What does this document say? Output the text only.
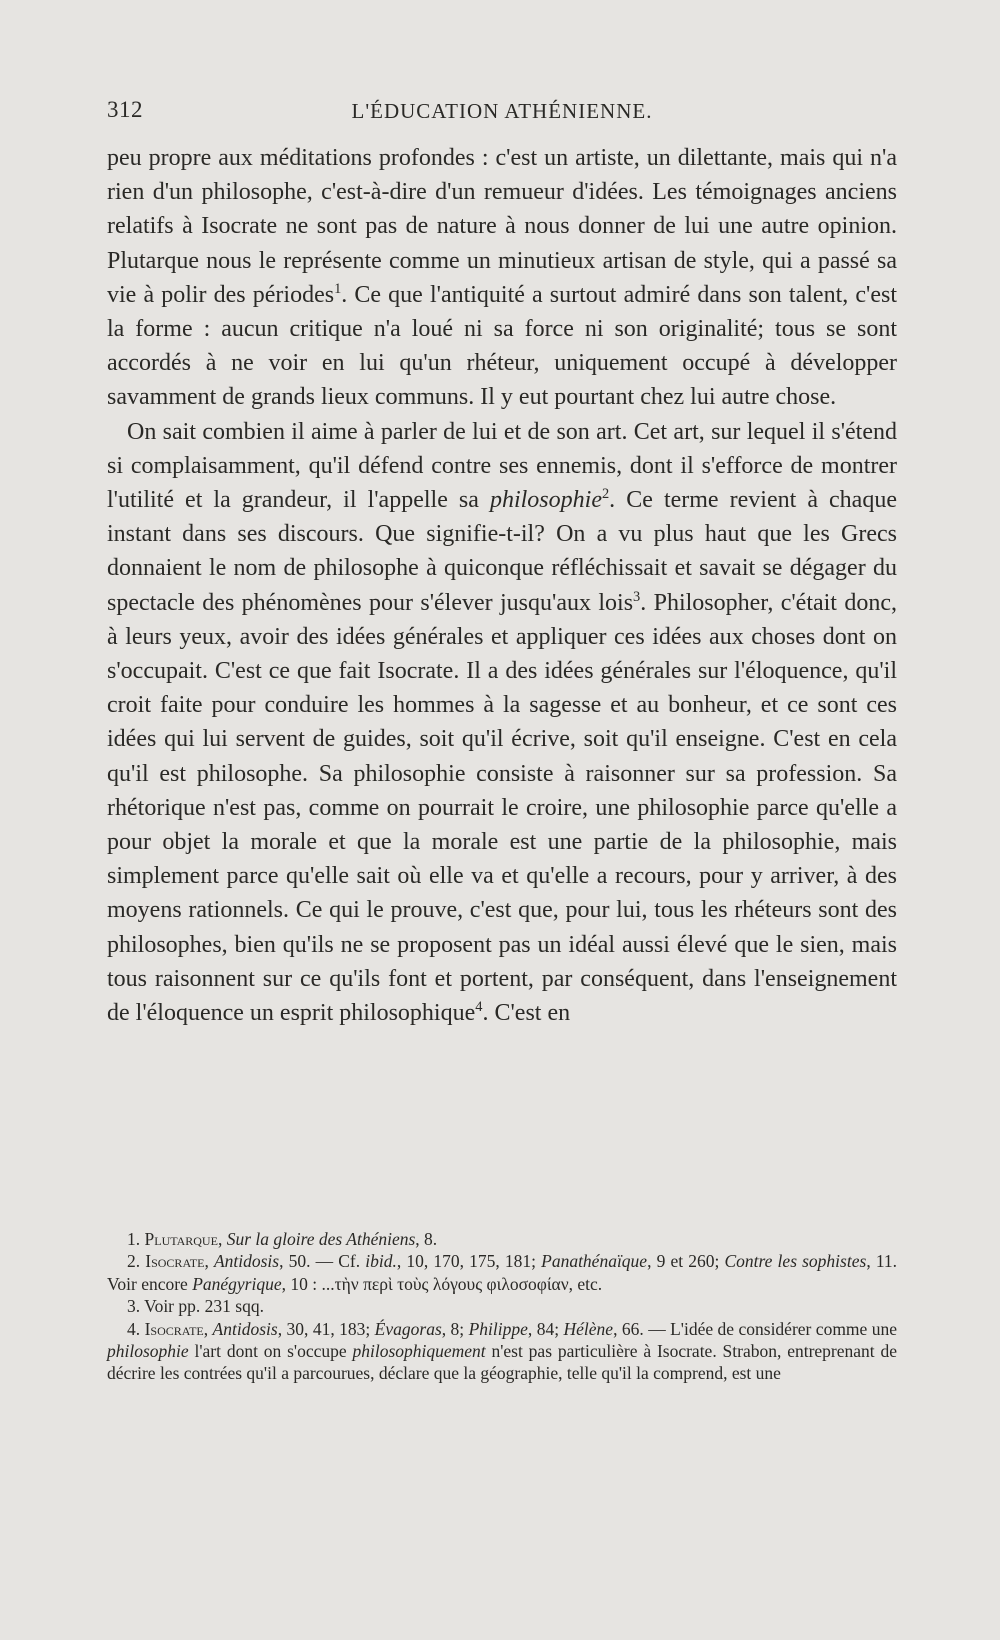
312	L'ÉDUCATION ATHÉNIENNE.

peu propre aux méditations profondes : c'est un artiste, un dilettante, mais qui n'a rien d'un philosophe, c'est-à-dire d'un remueur d'idées. Les témoignages anciens relatifs à Isocrate ne sont pas de nature à nous donner de lui une autre opinion. Plutarque nous le représente comme un minutieux artisan de style, qui a passé sa vie à polir des périodes$^1$. Ce que l'antiquité a surtout admiré dans son talent, c'est la forme : aucun critique n'a loué ni sa force ni son originalité; tous se sont accordés à ne voir en lui qu'un rhéteur, uniquement occupé à développer savamment de grands lieux communs. Il y eut pourtant chez lui autre chose.

On sait combien il aime à parler de lui et de son art. Cet art, sur lequel il s'étend si complaisamment, qu'il défend contre ses ennemis, dont il s'efforce de montrer l'utilité et la grandeur, il l'appelle sa philosophie$^2$. Ce terme revient à chaque instant dans ses discours. Que signifie-t-il? On a vu plus haut que les Grecs donnaient le nom de philosophe à quiconque réfléchissait et savait se dégager du spectacle des phénomènes pour s'élever jusqu'aux lois$^3$. Philosopher, c'était donc, à leurs yeux, avoir des idées générales et appliquer ces idées aux choses dont on s'occupait. C'est ce que fait Isocrate. Il a des idées générales sur l'éloquence, qu'il croit faite pour conduire les hommes à la sagesse et au bonheur, et ce sont ces idées qui lui servent de guides, soit qu'il écrive, soit qu'il enseigne. C'est en cela qu'il est philosophe. Sa philosophie consiste à raisonner sur sa profession. Sa rhétorique n'est pas, comme on pourrait le croire, une philosophie parce qu'elle a pour objet la morale et que la morale est une partie de la philosophie, mais simplement parce qu'elle sait où elle va et qu'elle a recours, pour y arriver, à des moyens rationnels. Ce qui le prouve, c'est que, pour lui, tous les rhéteurs sont des philosophes, bien qu'ils ne se proposent pas un idéal aussi élevé que le sien, mais tous raisonnent sur ce qu'ils font et portent, par conséquent, dans l'enseignement de l'éloquence un esprit philosophique$^4$. C'est en

1. Plutarque, Sur la gloire des Athéniens, 8.

2. Isocrate, Antidosis, 50. — Cf. ibid., 10, 170, 175, 181; Panathénaïque, 9 et 260; Contre les sophistes, 11. Voir encore Panégyrique, 10 : ...τὴν περὶ τοὺς λόγους φιλοσοφίαν, etc.

3. Voir pp. 231 sqq.

4. Isocrate, Antidosis, 30, 41, 183; Évagoras, 8; Philippe, 84; Hélène, 66. — L'idée de considérer comme une philosophie l'art dont on s'occupe philosophiquement n'est pas particulière à Isocrate. Strabon, entreprenant de décrire les contrées qu'il a parcourues, déclare que la géographie, telle qu'il la comprend, est une
